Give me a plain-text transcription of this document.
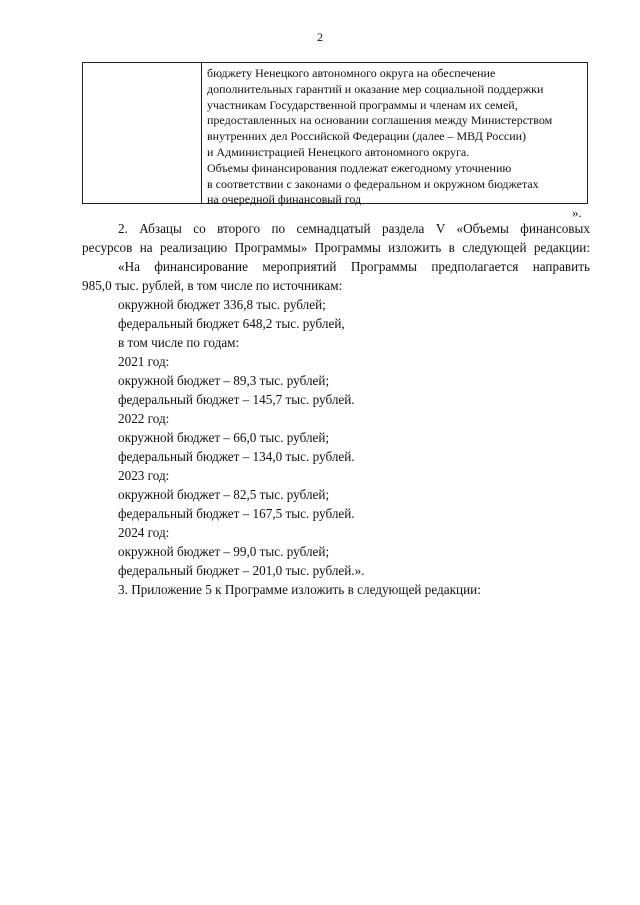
2
бюджету Ненецкого автономного округа на обеспечение
дополнительных гарантий и оказание мер социальной поддержки
участникам Государственной программы и членам их семей,
предоставленных на основании соглашения между Министерством
внутренних дел Российской Федерации (далее – МВД России)
и Администрацией Ненецкого автономного округа.
Объемы финансирования подлежат ежегодному уточнению
в соответствии с законами о федеральном и окружном бюджетах
на очередной финансовый год
».
2. Абзацы со второго по семнадцатый раздела V «Объемы финансовых
ресурсов на реализацию Программы» Программы изложить в следующей редакции:
«На финансирование мероприятий Программы предполагается направить
985,0 тыс. рублей, в том числе по источникам:
окружной бюджет 336,8 тыс. рублей;
федеральный бюджет 648,2 тыс. рублей,
в том числе по годам:
2021 год:
окружной бюджет – 89,3 тыс. рублей;
федеральный бюджет – 145,7 тыс. рублей.
2022 год:
окружной бюджет – 66,0 тыс. рублей;
федеральный бюджет – 134,0 тыс. рублей.
2023 год:
окружной бюджет – 82,5 тыс. рублей;
федеральный бюджет – 167,5 тыс. рублей.
2024 год:
окружной бюджет – 99,0 тыс. рублей;
федеральный бюджет – 201,0 тыс. рублей.».
3. Приложение 5 к Программе изложить в следующей редакции:
